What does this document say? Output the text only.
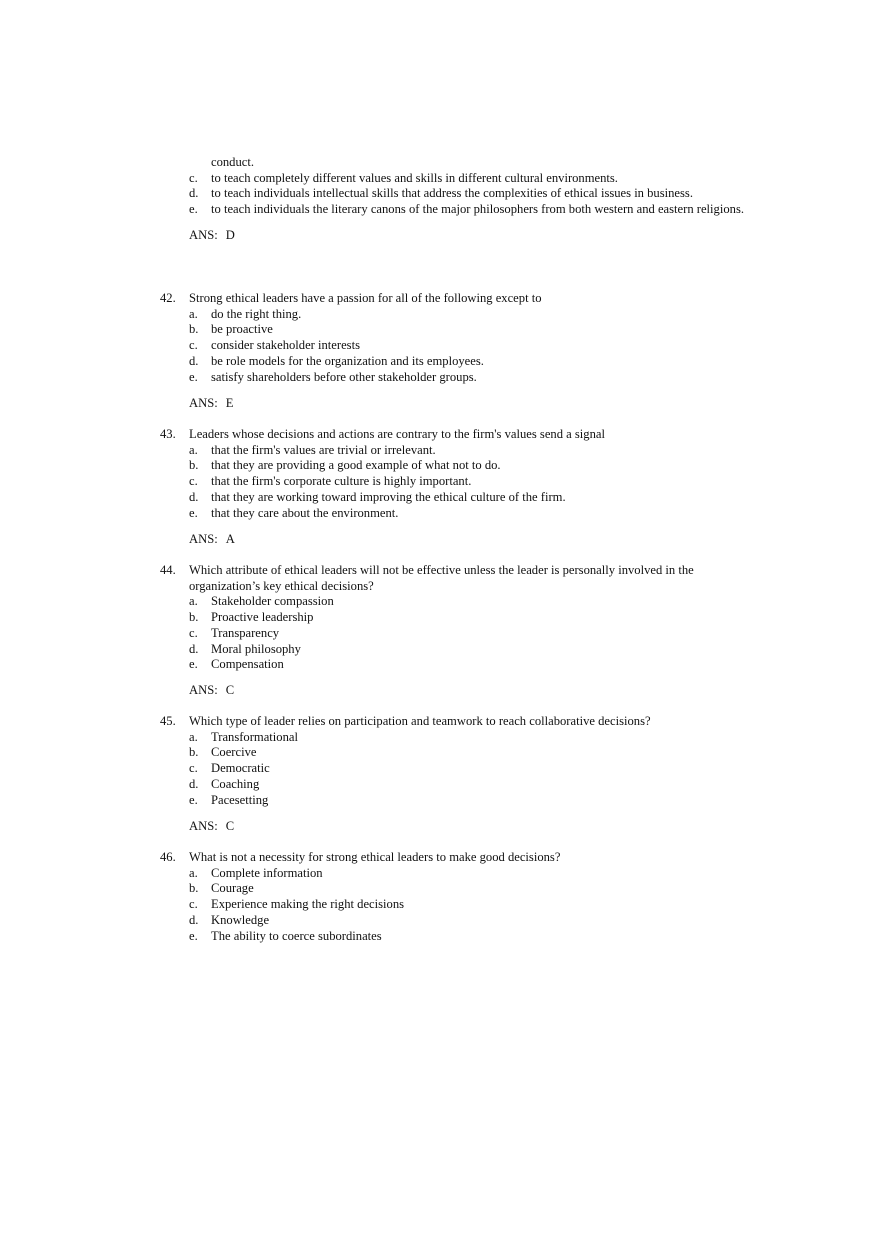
conduct.
c. to teach completely different values and skills in different cultural environments.
d. to teach individuals intellectual skills that address the complexities of ethical issues in business.
e. to teach individuals the literary canons of the major philosophers from both western and eastern religions.
ANS: D
42. Strong ethical leaders have a passion for all of the following except to
a. do the right thing.
b. be proactive
c. consider stakeholder interests
d. be role models for the organization and its employees.
e. satisfy shareholders before other stakeholder groups.
ANS: E
43. Leaders whose decisions and actions are contrary to the firm's values send a signal
a. that the firm's values are trivial or irrelevant.
b. that they are providing a good example of what not to do.
c. that the firm's corporate culture is highly important.
d. that they are working toward improving the ethical culture of the firm.
e. that they care about the environment.
ANS: A
44. Which attribute of ethical leaders will not be effective unless the leader is personally involved in the organization’s key ethical decisions?
a. Stakeholder compassion
b. Proactive leadership
c. Transparency
d. Moral philosophy
e. Compensation
ANS: C
45. Which type of leader relies on participation and teamwork to reach collaborative decisions?
a. Transformational
b. Coercive
c. Democratic
d. Coaching
e. Pacesetting
ANS: C
46. What is not a necessity for strong ethical leaders to make good decisions?
a. Complete information
b. Courage
c. Experience making the right decisions
d. Knowledge
e. The ability to coerce subordinates
